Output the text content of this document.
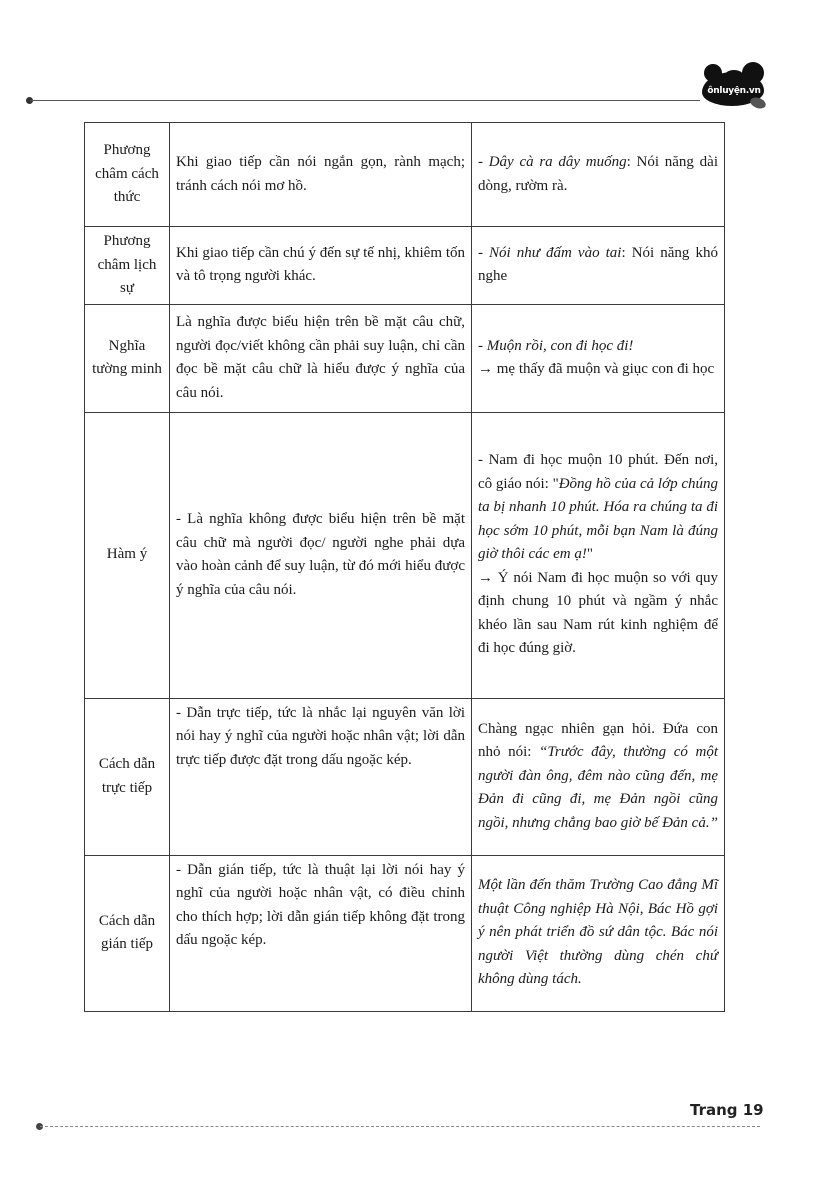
ônluyện.vn
Phương châm cách thức	Khi giao tiếp cần nói ngắn gọn, rành mạch; tránh cách nói mơ hồ.	- Dây cà ra dây muống: Nói năng dài dòng, rườm rà.
Phương châm lịch sự	Khi giao tiếp cần chú ý đến sự tế nhị, khiêm tốn và tô trọng người khác.	- Nói như đấm vào tai: Nói năng khó nghe
Nghĩa tường minh	Là nghĩa được biểu hiện trên bề mặt câu chữ, người đọc/viết không cần phải suy luận, chỉ cần đọc bề mặt câu chữ là hiểu được ý nghĩa của câu nói.	- Muộn rồi, con đi học đi!
→ mẹ thấy đã muộn và giục con đi học

Hàm ý	- Là nghĩa không được biểu hiện trên bề mặt câu chữ mà người đọc/ người nghe phải dựa vào hoàn cảnh để suy luận, từ đó mới hiểu được ý nghĩa của câu nói.	- Nam đi học muộn 10 phút. Đến nơi, cô giáo nói: "Đồng hồ của cả lớp chúng ta bị nhanh 10 phút. Hóa ra chúng ta đi học sớm 10 phút, mỗi bạn Nam là đúng giờ thôi các em ạ!"
→ Ý nói Nam đi học muộn so với quy định chung 10 phút và ngầm ý nhắc khéo lần sau Nam rút kinh nghiệm để đi học đúng giờ.

Cách dẫn trực tiếp	- Dẫn trực tiếp, tức là nhắc lại nguyên văn lời nói hay ý nghĩ của người hoặc nhân vật; lời dẫn trực tiếp được đặt trong dấu ngoặc kép.	Chàng ngạc nhiên gạn hỏi. Đứa con nhỏ nói: “Trước đây, thường có một người đàn ông, đêm nào cũng đến, mẹ Đản đi cũng đi, mẹ Đản ngồi cũng ngồi, nhưng chẳng bao giờ bế Đản cả.”
Cách dẫn gián tiếp	- Dẫn gián tiếp, tức là thuật lại lời nói hay ý nghĩ của người hoặc nhân vật, có điều chỉnh cho thích hợp; lời dẫn gián tiếp không đặt trong dấu ngoặc kép.	Một lần đến thăm Trường Cao đẳng Mĩ thuật Công nghiệp Hà Nội, Bác Hồ gợi ý nên phát triển đồ sứ dân tộc. Bác nói người Việt thường dùng chén chứ không dùng tách.
Trang 19
